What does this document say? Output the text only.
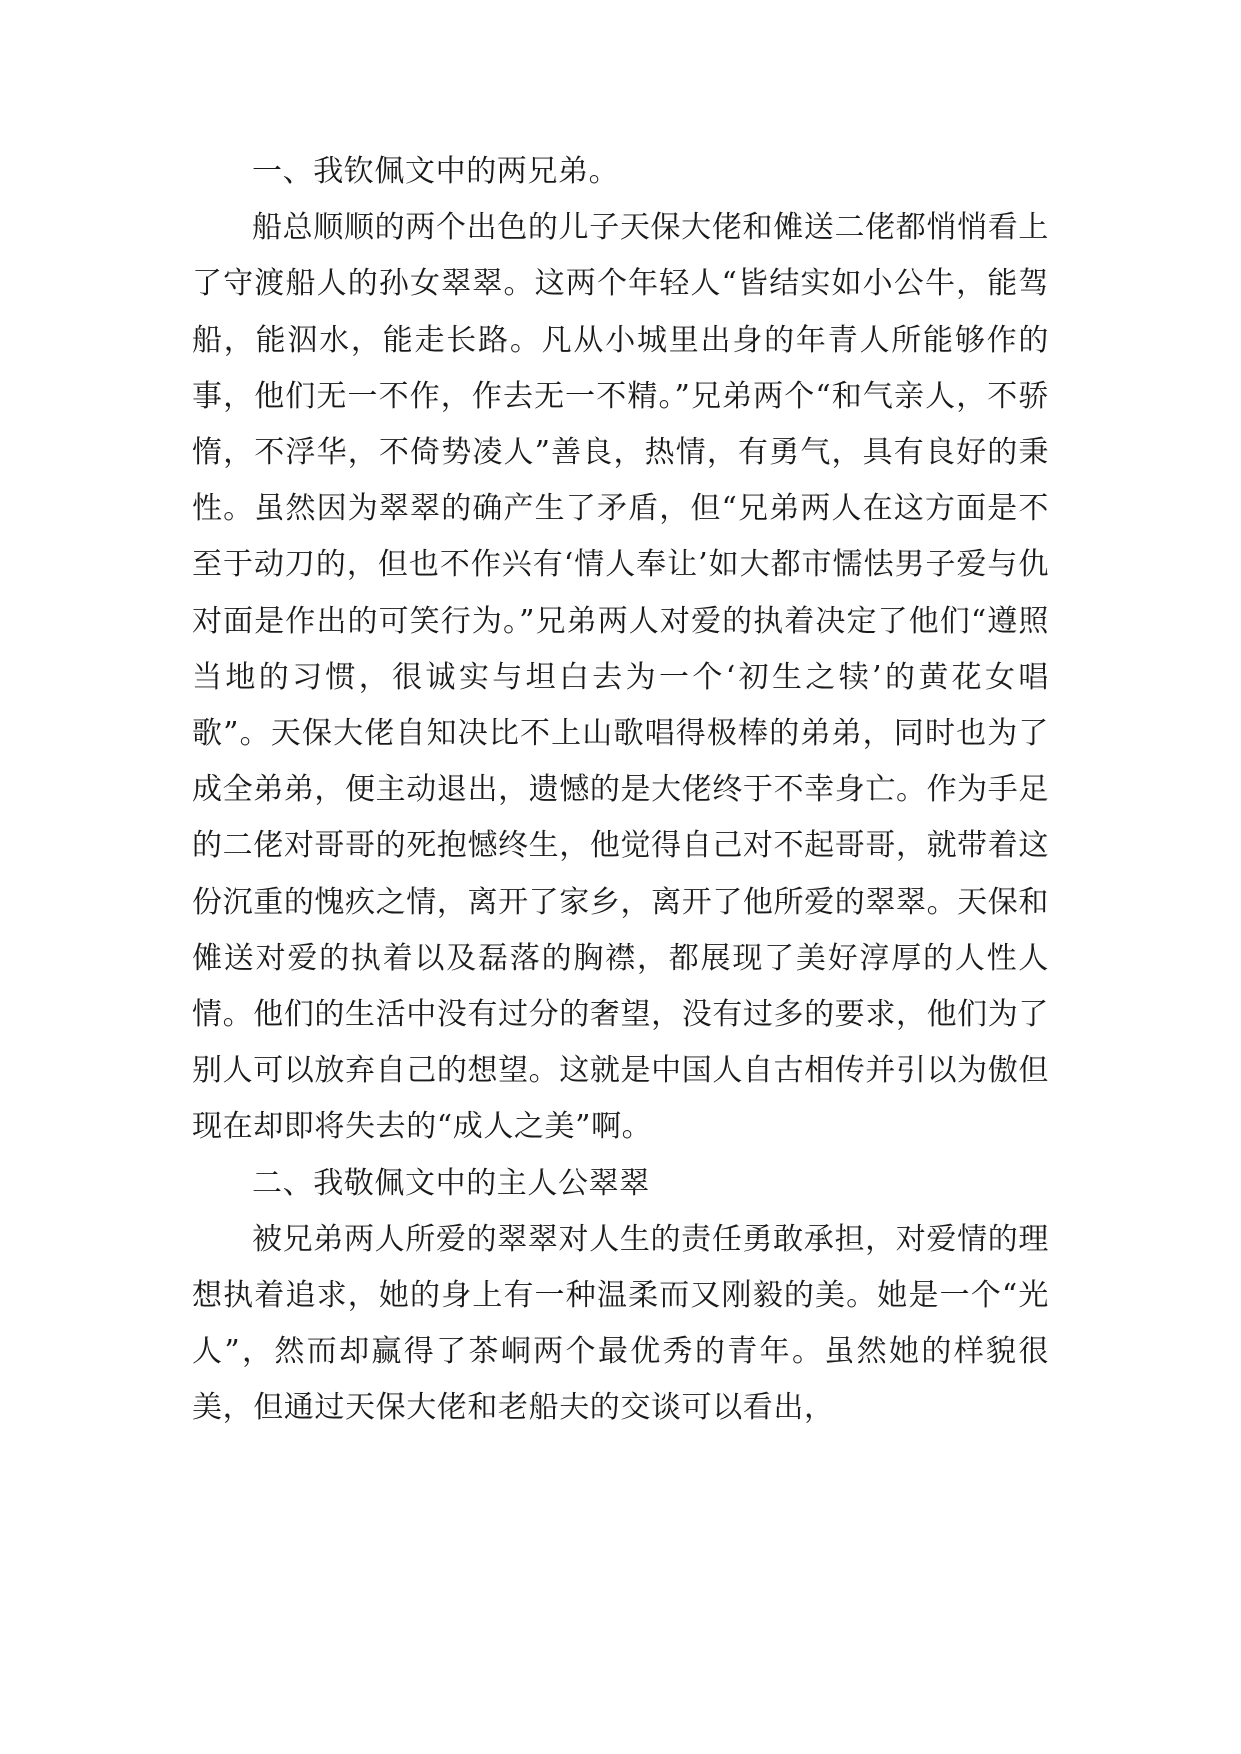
一、我钦佩文中的两兄弟。

船总顺顺的两个出色的儿子天保大佬和傩送二佬都悄悄看上了守渡船人的孙女翠翠。这两个年轻人“皆结实如小公牛，能驾船，能泅水，能走长路。凡从小城里出身的年青人所能够作的事，他们无一不作，作去无一不精。”兄弟两个“和气亲人，不骄惰，不浮华，不倚势凌人”善良，热情，有勇气，具有良好的秉性。虽然因为翠翠的确产生了矛盾，但“兄弟两人在这方面是不至于动刀的，但也不作兴有‘情人奉让’如大都市懦怯男子爱与仇对面是作出的可笑行为。”兄弟两人对爱的执着决定了他们“遵照当地的习惯，很诚实与坦白去为一个‘初生之犊’的黄花女唱歌”。天保大佬自知决比不上山歌唱得极棒的弟弟，同时也为了成全弟弟，便主动退出，遗憾的是大佬终于不幸身亡。作为手足的二佬对哥哥的死抱憾终生，他觉得自己对不起哥哥，就带着这份沉重的愧疚之情，离开了家乡，离开了他所爱的翠翠。天保和傩送对爱的执着以及磊落的胸襟，都展现了美好淳厚的人性人情。他们的生活中没有过分的奢望，没有过多的要求，他们为了别人可以放弃自己的想望。这就是中国人自古相传并引以为傲但现在却即将失去的“成人之美”啊。

二、我敬佩文中的主人公翠翠

被兄弟两人所爱的翠翠对人生的责任勇敢承担，对爱情的理想执着追求，她的身上有一种温柔而又刚毅的美。她是一个“光人”，然而却赢得了茶峒两个最优秀的青年。虽然她的样貌很美，但通过天保大佬和老船夫的交谈可以看出，
